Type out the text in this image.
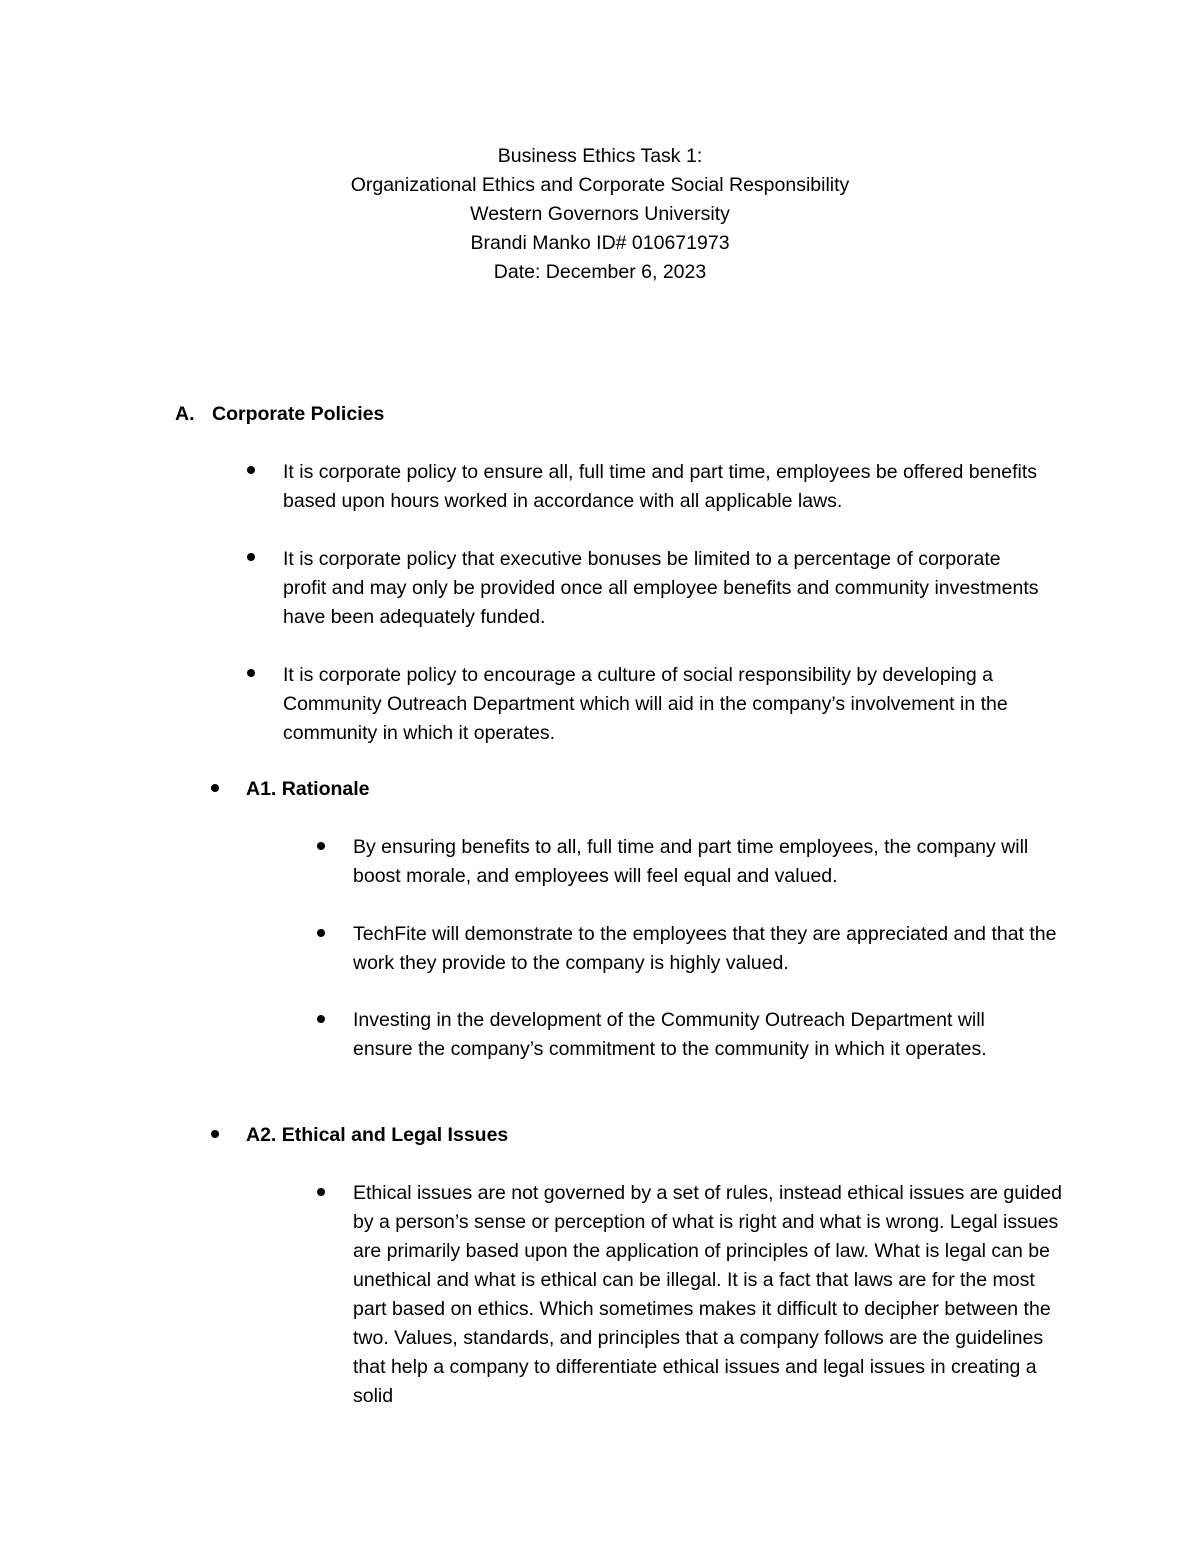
Business Ethics Task 1:
Organizational Ethics and Corporate Social Responsibility
Western Governors University
Brandi Manko ID# 010671973
Date: December 6, 2023
A. Corporate Policies
It is corporate policy to ensure all, full time and part time, employees be offered benefits based upon hours worked in accordance with all applicable laws.
It is corporate policy that executive bonuses be limited to a percentage of corporate profit and may only be provided once all employee benefits and community investments have been adequately funded.
It is corporate policy to encourage a culture of social responsibility by developing a Community Outreach Department which will aid in the company’s involvement in the community in which it operates.
A1. Rationale
By ensuring benefits to all, full time and part time employees, the company will boost morale, and employees will feel equal and valued.
TechFite will demonstrate to the employees that they are appreciated and that the work they provide to the company is highly valued.
Investing in the development of the Community Outreach Department will ensure the company’s commitment to the community in which it operates.
A2. Ethical and Legal Issues
Ethical issues are not governed by a set of rules, instead ethical issues are guided by a person’s sense or perception of what is right and what is wrong. Legal issues are primarily based upon the application of principles of law. What is legal can be unethical and what is ethical can be illegal. It is a fact that laws are for the most part based on ethics. Which sometimes makes it difficult to decipher between the two. Values, standards, and principles that a company follows are the guidelines that help a company to differentiate ethical issues and legal issues in creating a solid
